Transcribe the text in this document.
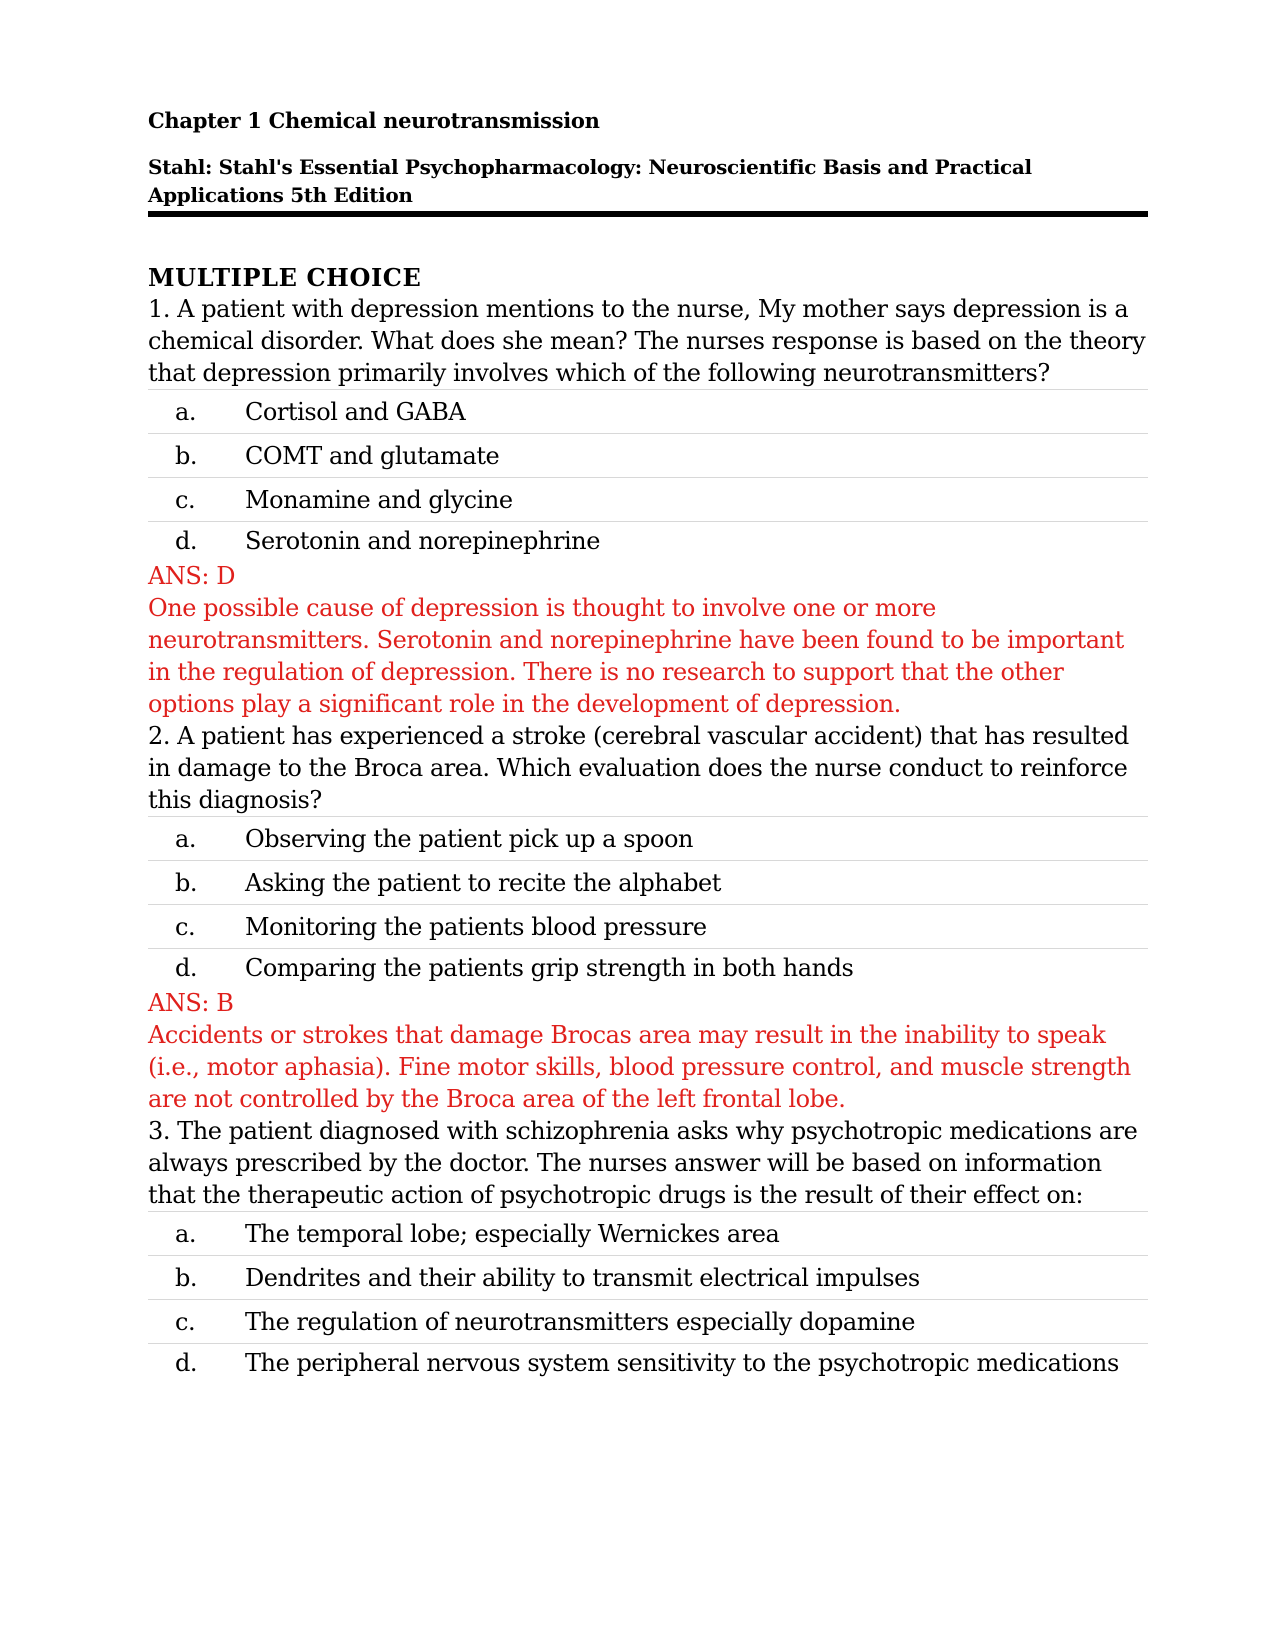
Chapter 1 Chemical neurotransmission
Stahl: Stahl's Essential Psychopharmacology: Neuroscientific Basis and Practical Applications 5th Edition
MULTIPLE CHOICE

1. A patient with depression mentions to the nurse, My mother says depression is a chemical disorder. What does she mean? The nurses response is based on the theory that depression primarily involves which of the following neurotransmitters?

a.	Cortisol and GABA
b.	COMT and glutamate
c.	Monamine and glycine
d.	Serotonin and norepinephrine

ANS: D

One possible cause of depression is thought to involve one or more neurotransmitters. Serotonin and norepinephrine have been found to be important in the regulation of depression. There is no research to support that the other options play a significant role in the development of depression.

2. A patient has experienced a stroke (cerebral vascular accident) that has resulted in damage to the Broca area. Which evaluation does the nurse conduct to reinforce this diagnosis?

a.	Observing the patient pick up a spoon
b.	Asking the patient to recite the alphabet
c.	Monitoring the patients blood pressure
d.	Comparing the patients grip strength in both hands

ANS: B

Accidents or strokes that damage Brocas area may result in the inability to speak (i.e., motor aphasia). Fine motor skills, blood pressure control, and muscle strength are not controlled by the Broca area of the left frontal lobe.

3. The patient diagnosed with schizophrenia asks why psychotropic medications are always prescribed by the doctor. The nurses answer will be based on information that the therapeutic action of psychotropic drugs is the result of their effect on:

a.	The temporal lobe; especially Wernickes area
b.	Dendrites and their ability to transmit electrical impulses
c.	The regulation of neurotransmitters especially dopamine
d.	The peripheral nervous system sensitivity to the psychotropic medications
